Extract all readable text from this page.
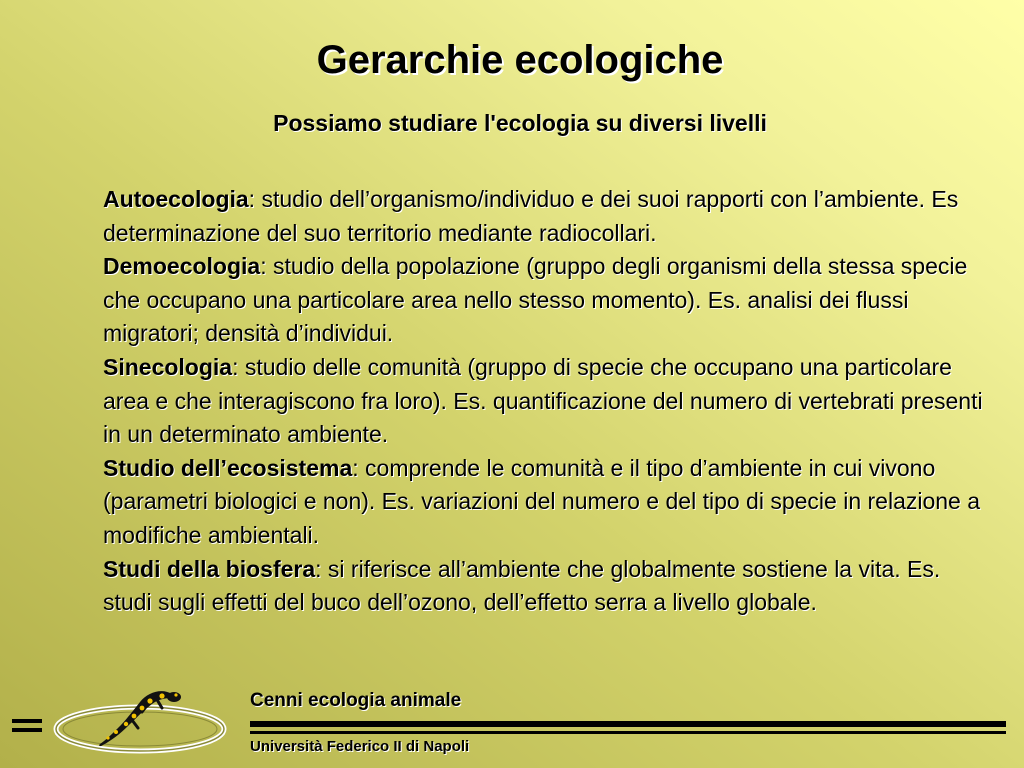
Gerarchie ecologiche
Possiamo studiare l'ecologia su diversi livelli

Autoecologia: studio dell’organismo/individuo e dei suoi rapporti con l’ambiente. Es determinazione del suo territorio mediante radiocollari.

Demoecologia: studio della popolazione (gruppo degli organismi della stessa specie che occupano una particolare area nello stesso momento). Es. analisi dei flussi migratori; densità d’individui.

Sinecologia: studio delle comunità (gruppo di specie che occupano una particolare area e che interagiscono fra loro). Es. quantificazione del numero di vertebrati presenti in un determinato ambiente.

Studio dell’ecosistema: comprende le comunità e il tipo d’ambiente in cui vivono (parametri biologici e non). Es. variazioni del numero e del tipo di specie in relazione a modifiche ambientali.

Studi della biosfera: si riferisce all’ambiente che globalmente sostiene la vita. Es. studi sugli effetti del buco dell’ozono, dell’effetto serra a livello globale.

Cenni ecologia animale
Università Federico II di Napoli
